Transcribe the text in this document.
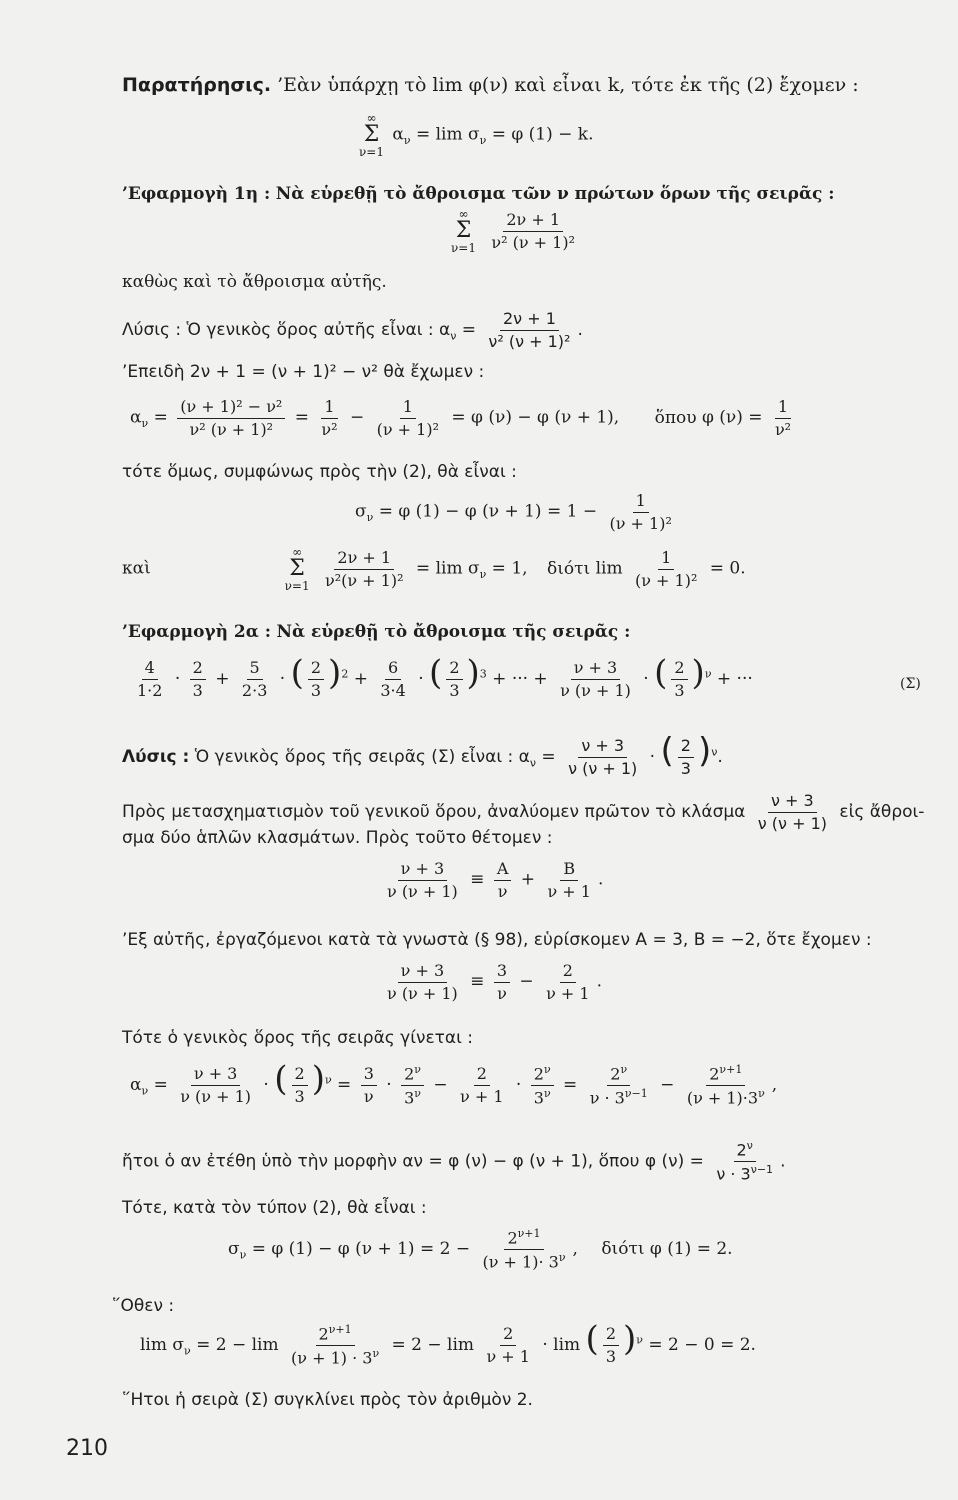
Παρατήρησις. ’Εὰν ὑπάρχῃ τὸ lim φ(ν) καὶ εἶναι k, τότε ἐκ τῆς (2) ἔχομεν :
∞
Σ
ν=1
$\alpha_\nu = \lim \sigma_\nu = \varphi$ (1) − k.
’Εφαρμογὴ 1η : Νὰ εὑρεθῇ τὸ ἄθροισμα τῶν ν πρώτων ὅρων τῆς σειρᾶς :
∞
Σ
ν=1
$\frac{2\nu + 1}{\text{ν² (ν + 1)²}}$
καθὼς καὶ τὸ ἄθροισμα αὐτῆς.
Λύσις : Ὁ γενικὸς ὅρος αὐτῆς εἶναι : $\alpha_\nu = \frac{2\nu + 1}{\text{ν² (ν + 1)²}}$ .
’Επειδὴ 2ν + 1 = (ν + 1)² − ν² θὰ ἔχωμεν :
$\alpha_\nu = \frac{\text{(ν + 1)² − ν²}}{\text{ν² (ν + 1)²}} = \frac{1}{\text{ν²}} - \frac{1}{\text{(ν + 1)²}} = \varphi$ (ν) − φ (ν + 1), ὅπου φ $(\nu) = \frac{1}{\text{ν²}}$
τότε ὅμως, συμφώνως πρὸς τὴν (2), θὰ εἶναι :
$\sigma_\nu = \varphi$ (1) − φ $(\nu + 1) = 1 - \frac{1}{\text{(ν + 1)²}}$
καὶ
∞
Σ
ν=1
$\frac{2\nu + 1}{\text{ν²(ν + 1)²}} = \lim \sigma_\nu = 1$, διότι $\lim \frac{1}{\text{(ν + 1)²}} = 0$.
’Εφαρμογὴ 2α : Νὰ εὑρεθῇ τὸ ἄθροισμα τῆς σειρᾶς :
$\frac{4}{1\cdot 2} \cdot \frac{2}{3} + \frac{5}{2\cdot 3}$ · ( $\frac{2}{3} )^2 + \frac{6}{3\cdot 4}$ · ( $\frac{2}{3} )^3$ + ··· + $\frac{\nu + 3}{\nu (\nu + 1)}$ · ( $\frac{2}{3} )^\nu$ + ···	(Σ)
Λύσις : Ὁ γενικὸς ὅρος τῆς σειρᾶς (Σ) εἶναι : $\alpha_\nu = \frac{\nu + 3}{\nu (\nu + 1)}$ · ( $\frac{2}{3} )^\nu$.
Πρὸς μετασχηματισμὸν τοῦ γενικοῦ ὅρου, ἀναλύομεν πρῶτον τὸ κλάσμα $\frac{\nu + 3}{\nu (\nu + 1)}$ εἰς ἄθροι-
σμα δύο ἁπλῶν κλασμάτων. Πρὸς τοῦτο θέτομεν :
$\frac{\nu + 3}{\nu (\nu + 1)} \equiv \frac{A}{\nu} + \frac{B}{\nu + 1}$ .
’Εξ αὐτῆς, ἐργαζόμενοι κατὰ τὰ γνωστὰ (§ 98), εὑρίσκομεν Α = 3, Β = −2, ὅτε ἔχομεν :
$\frac{\nu + 3}{\nu (\nu + 1)} \equiv \frac{3}{\nu} - \frac{2}{\nu + 1}$ .
Τότε ὁ γενικὸς ὅρος τῆς σειρᾶς γίνεται :
$\alpha_\nu = \frac{\nu + 3}{\nu (\nu + 1)}$ · ( $\frac{2}{3} )^\nu = \frac{3}{\nu} \cdot \frac{2^\nu}{3^\nu} - \frac{2}{\nu + 1} \cdot \frac{2^\nu}{3^\nu} = \frac{2^\nu}{\nu \cdot 3^{\nu-1}} - \frac{2^{\nu+1}}{(\nu + 1)\cdot 3^\nu}$ ,
ἤτοι ὁ αν ἐτέθη ὑπὸ τὴν μορφὴν αν = φ (ν) − φ (ν + 1), ὅπου φ $(\nu) = \frac{2^\nu}{\nu \cdot 3^{\nu-1}}$ .
Τότε, κατὰ τὸν τύπον (2), θὰ εἶναι :
$\sigma_\nu = \varphi$ (1) − φ $(\nu + 1) = 2 - \frac{2^{\nu+1}}{(\nu + 1)\cdot 3^\nu}$ , διότι φ (1) = 2.
῞Οθεν :
$\lim \sigma_\nu = 2 - \lim \frac{2^{\nu+1}}{(\nu + 1) \cdot 3^\nu} = 2 - \lim \frac{2}{\nu + 1} \cdot \lim$ ( $\frac{2}{3} )^\nu = 2 - 0 = 2$.
῞Ητοι ἡ σειρὰ (Σ) συγκλίνει πρὸς τὸν ἀριθμὸν 2.
210
